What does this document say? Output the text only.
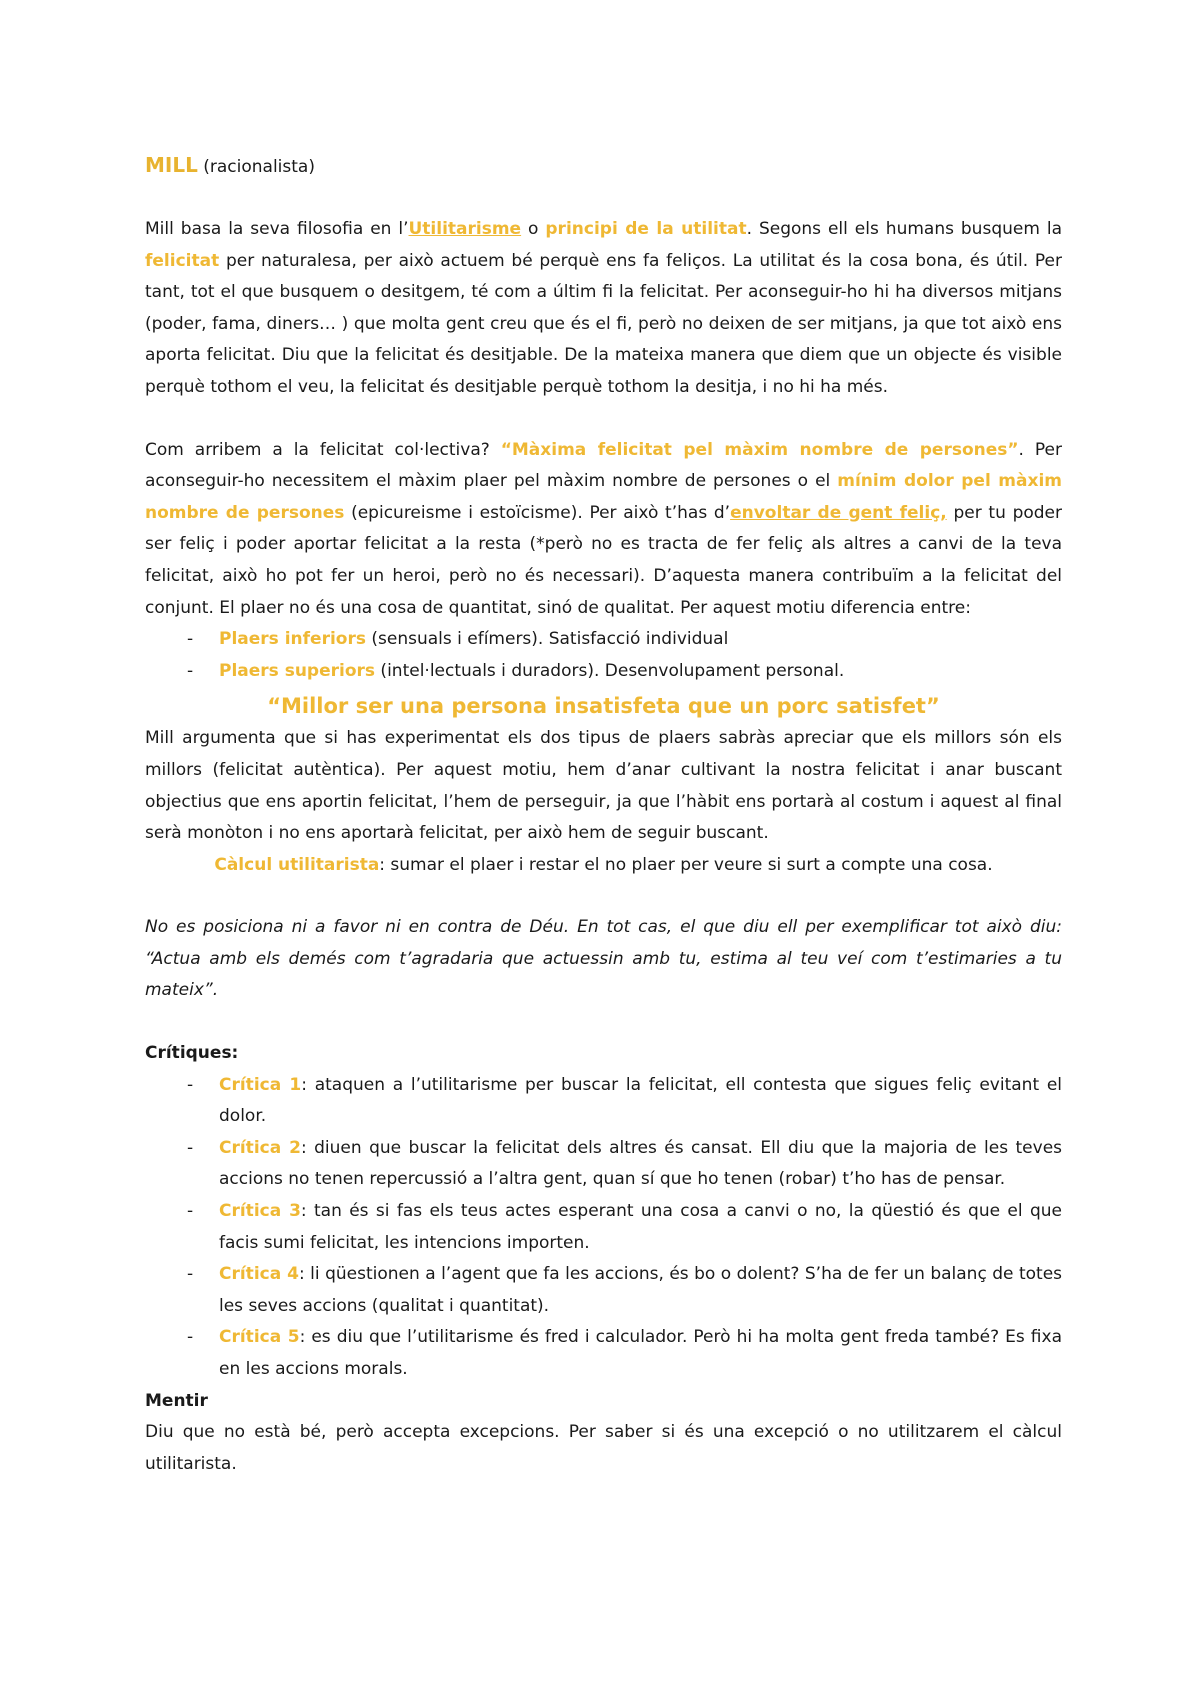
MILL (racionalista)

Mill basa la seva filosofia en l’Utilitarisme o principi de la utilitat. Segons ell els humans busquem la felicitat per naturalesa, per això actuem bé perquè ens fa feliços. La utilitat és la cosa bona, és útil. Per tant, tot el que busquem o desitgem, té com a últim fi la felicitat. Per aconseguir-ho hi ha diversos mitjans (poder, fama, diners… ) que molta gent creu que és el fi, però no deixen de ser mitjans, ja que tot això ens aporta felicitat. Diu que la felicitat és desitjable. De la mateixa manera que diem que un objecte és visible perquè tothom el veu, la felicitat és desitjable perquè tothom la desitja, i no hi ha més.

Com arribem a la felicitat col·lectiva? “Màxima felicitat pel màxim nombre de persones”. Per aconseguir-ho necessitem el màxim plaer pel màxim nombre de persones o el mínim dolor pel màxim nombre de persones (epicureisme i estoïcisme). Per això t’has d’envoltar de gent feliç, per tu poder ser feliç i poder aportar felicitat a la resta (*però no es tracta de fer feliç als altres a canvi de la teva felicitat, això ho pot fer un heroi, però no és necessari). D’aquesta manera contribuïm a la felicitat del conjunt. El plaer no és una cosa de quantitat, sinó de qualitat. Per aquest motiu diferencia entre:

- Plaers inferiors (sensuals i efímers). Satisfacció individual
- Plaers superiors (intel·lectuals i duradors). Desenvolupament personal.

“Millor ser una persona insatisfeta que un porc satisfet”

Mill argumenta que si has experimentat els dos tipus de plaers sabràs apreciar que els millors són els millors (felicitat autèntica). Per aquest motiu, hem d’anar cultivant la nostra felicitat i anar buscant objectius que ens aportin felicitat, l’hem de perseguir, ja que l’hàbit ens portarà al costum i aquest al final serà monòton i no ens aportarà felicitat, per això hem de seguir buscant.

Càlcul utilitarista: sumar el plaer i restar el no plaer per veure si surt a compte una cosa.

No es posiciona ni a favor ni en contra de Déu. En tot cas, el que diu ell per exemplificar tot això diu: “Actua amb els demés com t’agradaria que actuessin amb tu, estima al teu veí com t’estimaries a tu mateix”.

Crítiques:

- Crítica 1: ataquen a l’utilitarisme per buscar la felicitat, ell contesta que sigues feliç evitant el dolor.
- Crítica 2: diuen que buscar la felicitat dels altres és cansat. Ell diu que la majoria de les teves accions no tenen repercussió a l’altra gent, quan sí que ho tenen (robar) t’ho has de pensar.
- Crítica 3: tan és si fas els teus actes esperant una cosa a canvi o no, la qüestió és que el que facis sumi felicitat, les intencions importen.
- Crítica 4: li qüestionen a l’agent que fa les accions, és bo o dolent? S’ha de fer un balanç de totes les seves accions (qualitat i quantitat).
- Crítica 5: es diu que l’utilitarisme és fred i calculador. Però hi ha molta gent freda també? Es fixa en les accions morals.

Mentir

Diu que no està bé, però accepta excepcions. Per saber si és una excepció o no utilitzarem el càlcul utilitarista.
